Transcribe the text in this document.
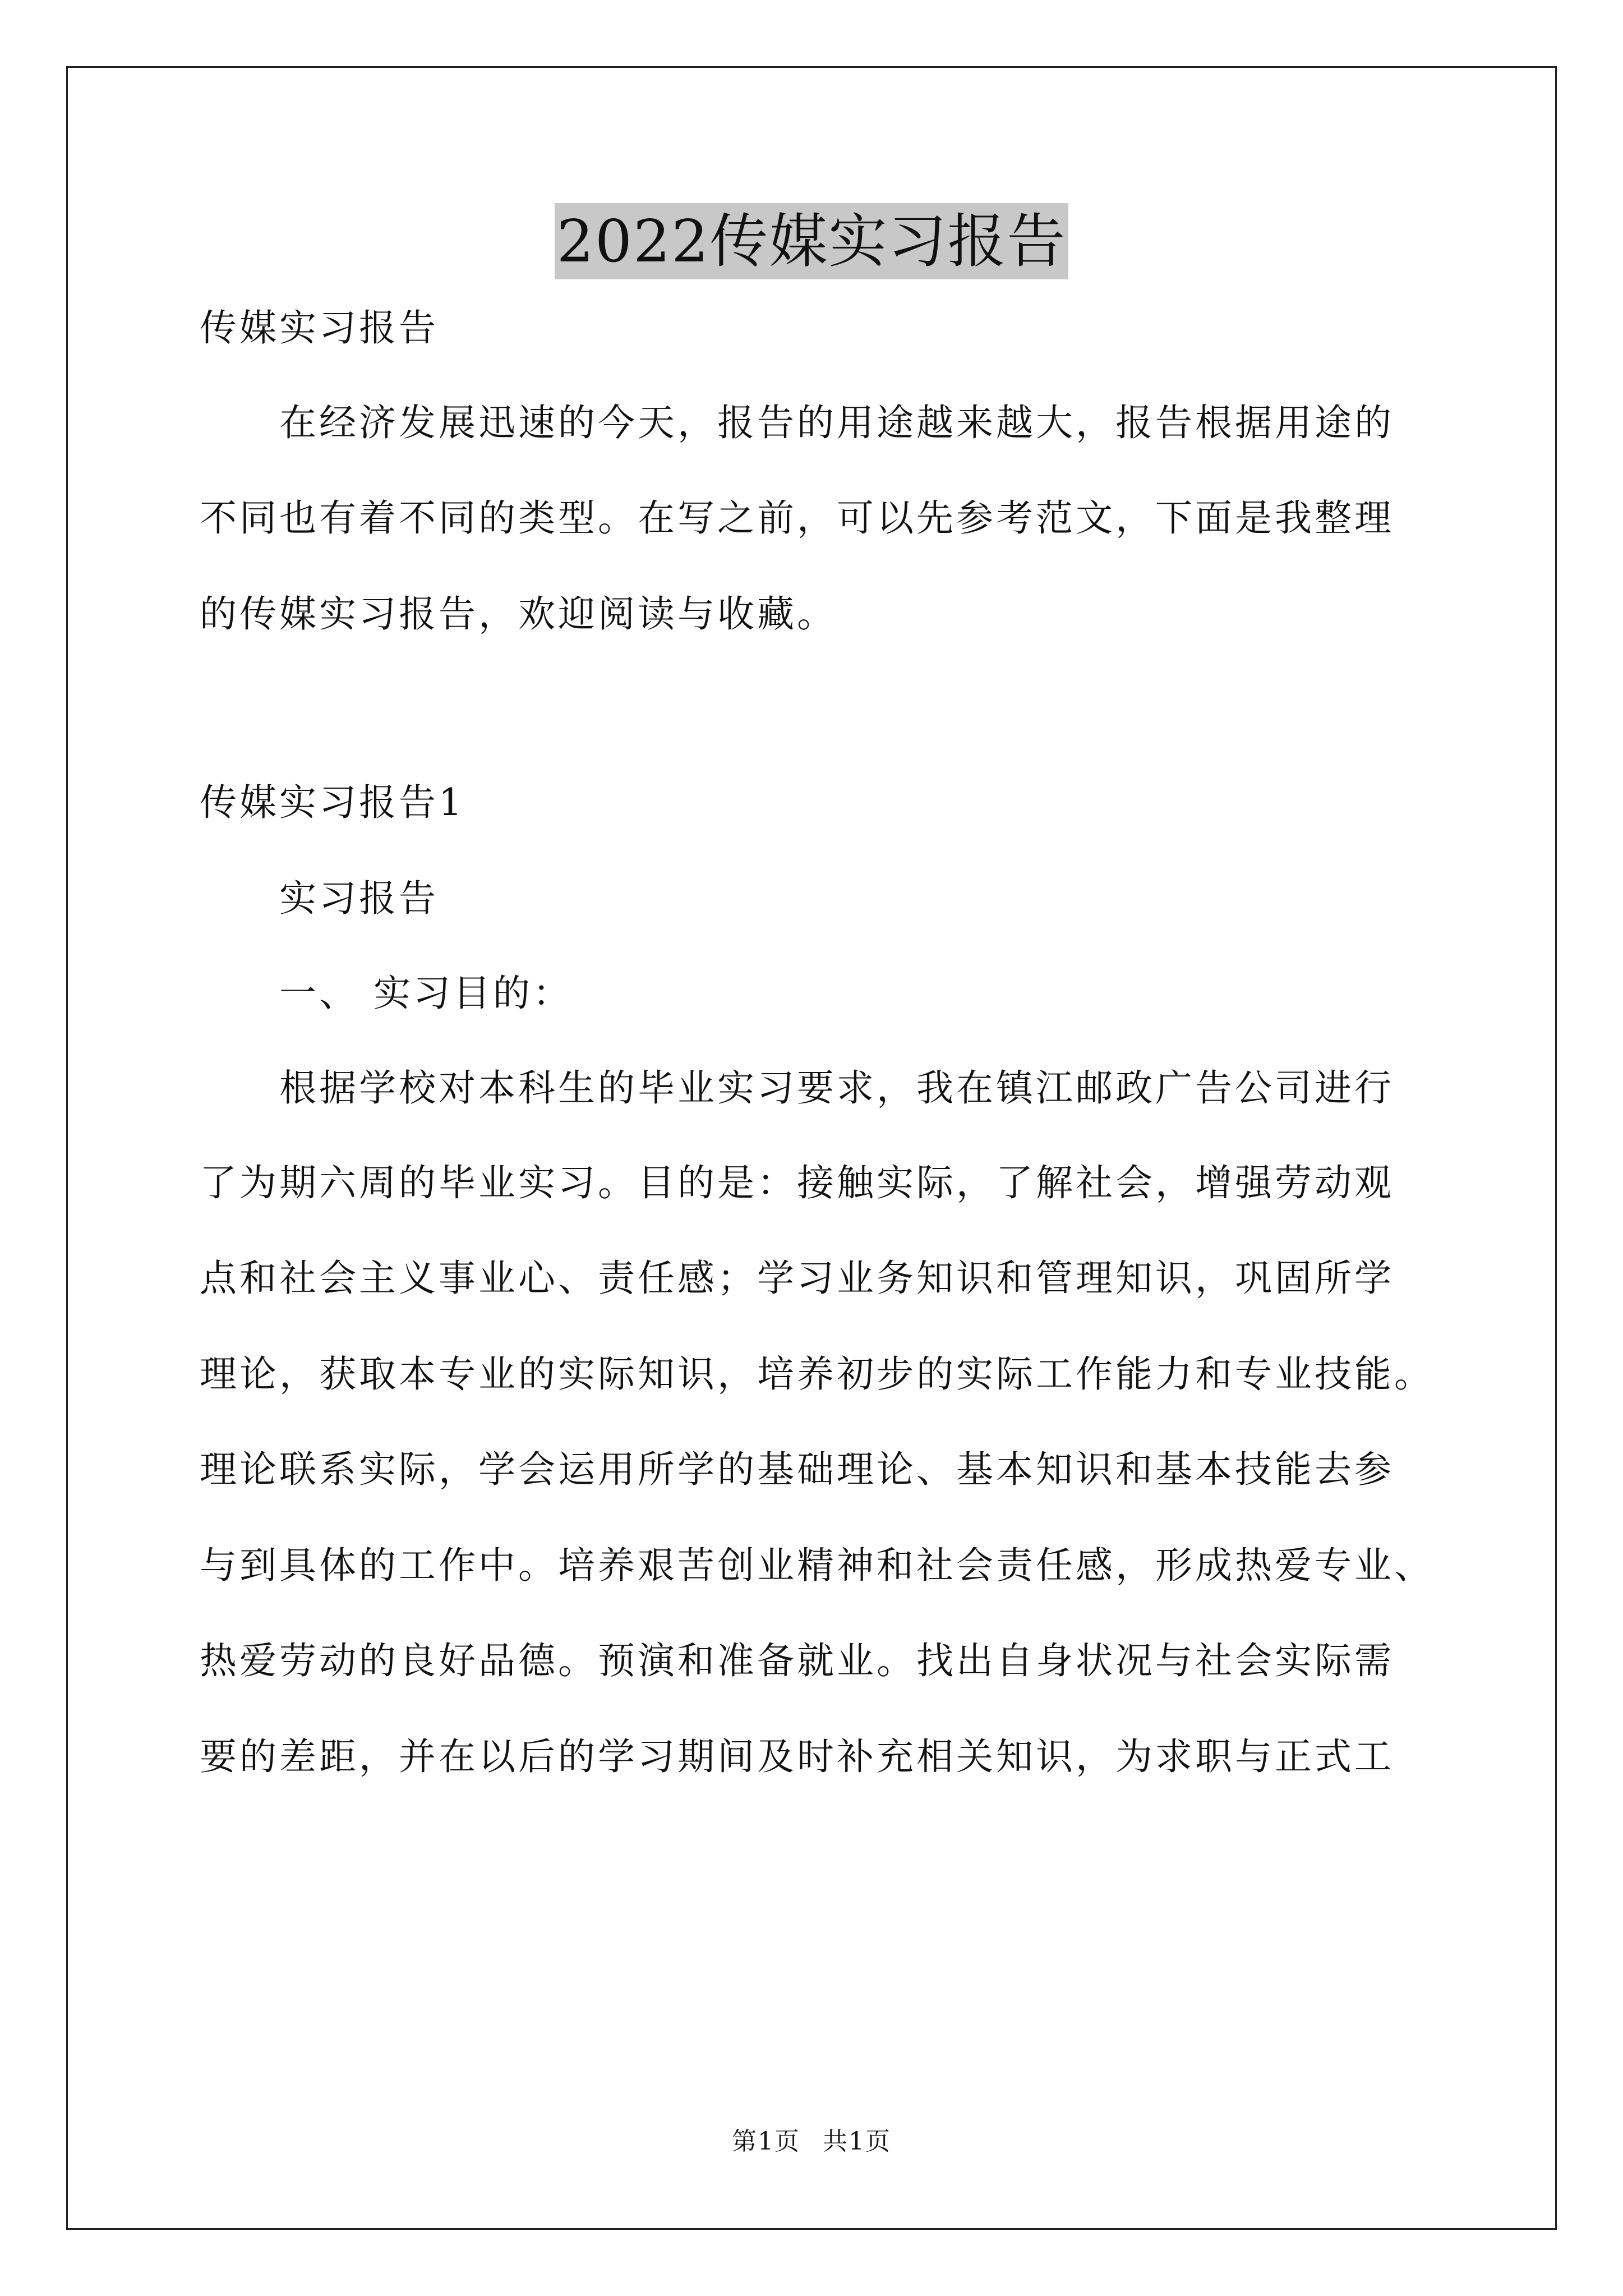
2022传媒实习报告
传媒实习报告
在经济发展迅速的今天，报告的用途越来越大，报告根据用途的
不同也有着不同的类型。在写之前，可以先参考范文，下面是我整理
的传媒实习报告，欢迎阅读与收藏。
传媒实习报告1
实习报告
一、 实习目的：
根据学校对本科生的毕业实习要求，我在镇江邮政广告公司进行
了为期六周的毕业实习。目的是：接触实际，了解社会，增强劳动观
点和社会主义事业心、责任感；学习业务知识和管理知识，巩固所学
理论，获取本专业的实际知识，培养初步的实际工作能力和专业技能。
理论联系实际，学会运用所学的基础理论、基本知识和基本技能去参
与到具体的工作中。培养艰苦创业精神和社会责任感，形成热爱专业、
热爱劳动的良好品德。预演和准备就业。找出自身状况与社会实际需
要的差距，并在以后的学习期间及时补充相关知识，为求职与正式工
第1页 共1页
